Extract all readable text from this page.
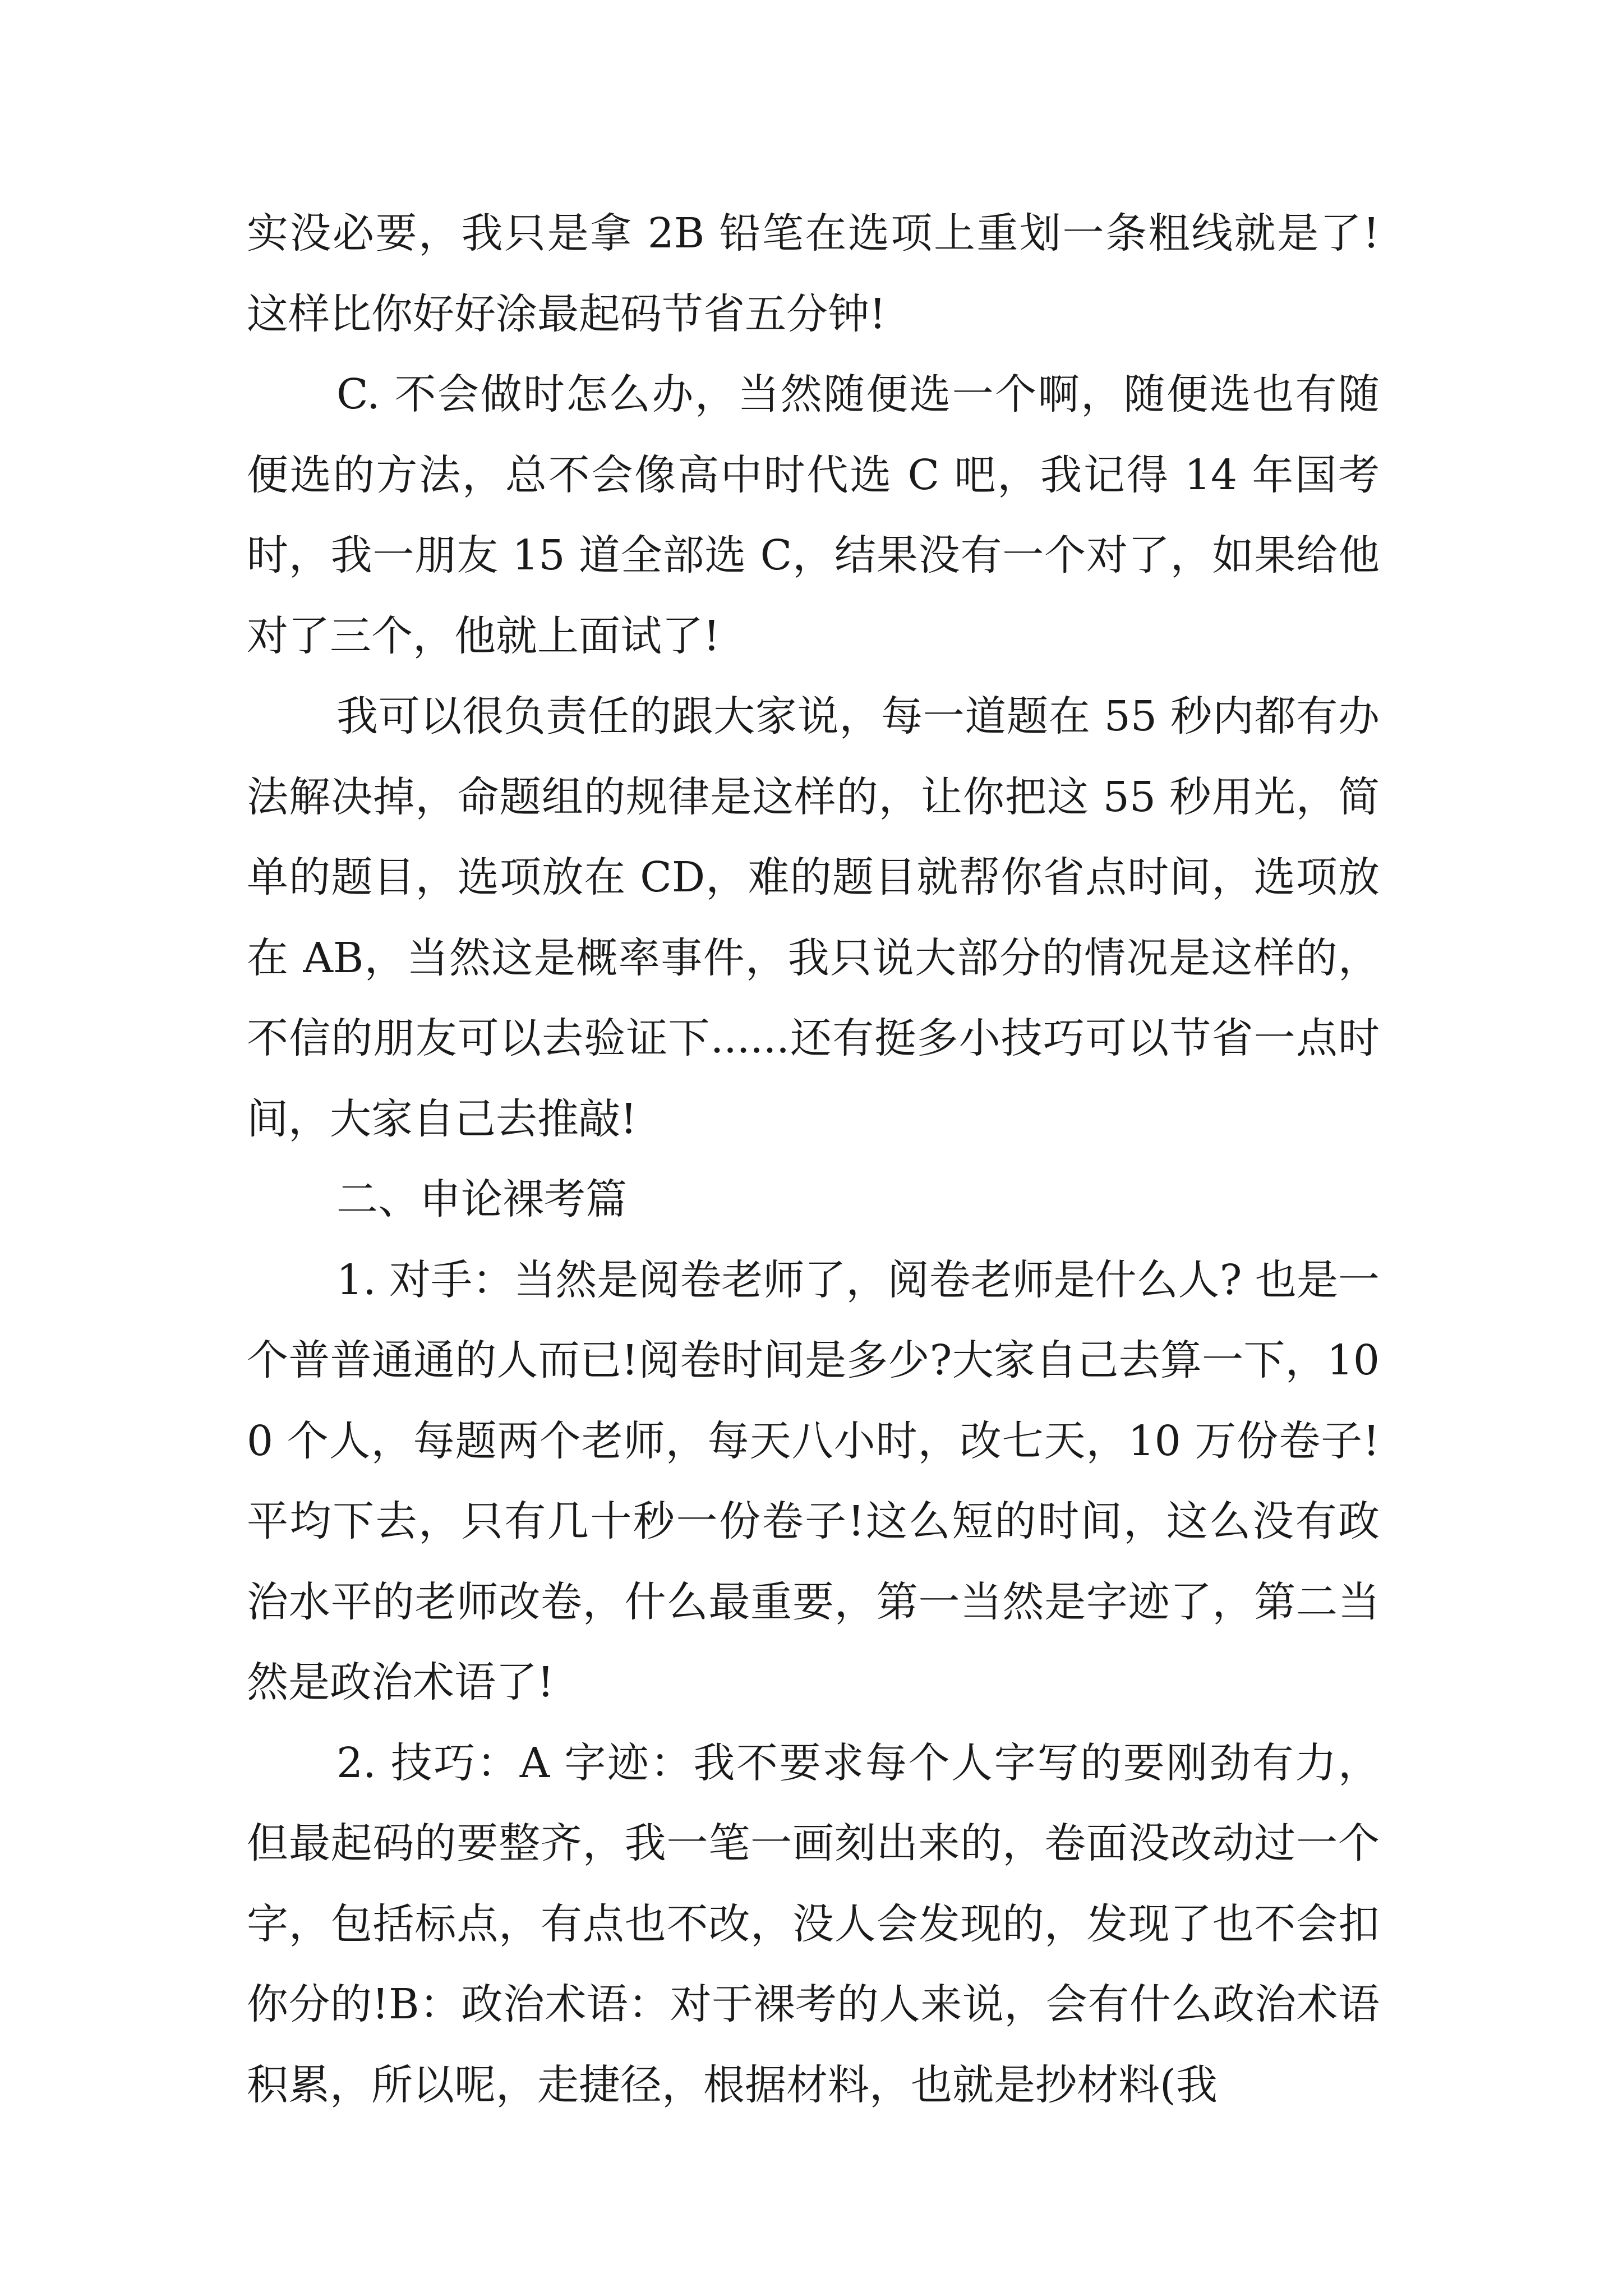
实没必要，我只是拿 2B 铅笔在选项上重划一条粗线就是了!这样比你好好涂最起码节省五分钟!

C. 不会做时怎么办，当然随便选一个啊，随便选也有随便选的方法，总不会像高中时代选 C 吧，我记得 14 年国考时，我一朋友 15 道全部选 C，结果没有一个对了，如果给他对了三个，他就上面试了!

我可以很负责任的跟大家说，每一道题在 55 秒内都有办法解决掉，命题组的规律是这样的，让你把这 55 秒用光，简单的题目，选项放在 CD，难的题目就帮你省点时间，选项放在 AB，当然这是概率事件，我只说大部分的情况是这样的，不信的朋友可以去验证下......还有挺多小技巧可以节省一点时间，大家自己去推敲!

二、申论裸考篇

1. 对手：当然是阅卷老师了，阅卷老师是什么人? 也是一个普普通通的人而已!阅卷时间是多少?大家自己去算一下，100 个人，每题两个老师，每天八小时，改七天，10 万份卷子!平均下去，只有几十秒一份卷子!这么短的时间，这么没有政治水平的老师改卷，什么最重要，第一当然是字迹了，第二当然是政治术语了!

2. 技巧：A 字迹：我不要求每个人字写的要刚劲有力，但最起码的要整齐，我一笔一画刻出来的，卷面没改动过一个字，包括标点，有点也不改，没人会发现的，发现了也不会扣你分的!B：政治术语：对于裸考的人来说，会有什么政治术语积累，所以呢，走捷径，根据材料，也就是抄材料(我
